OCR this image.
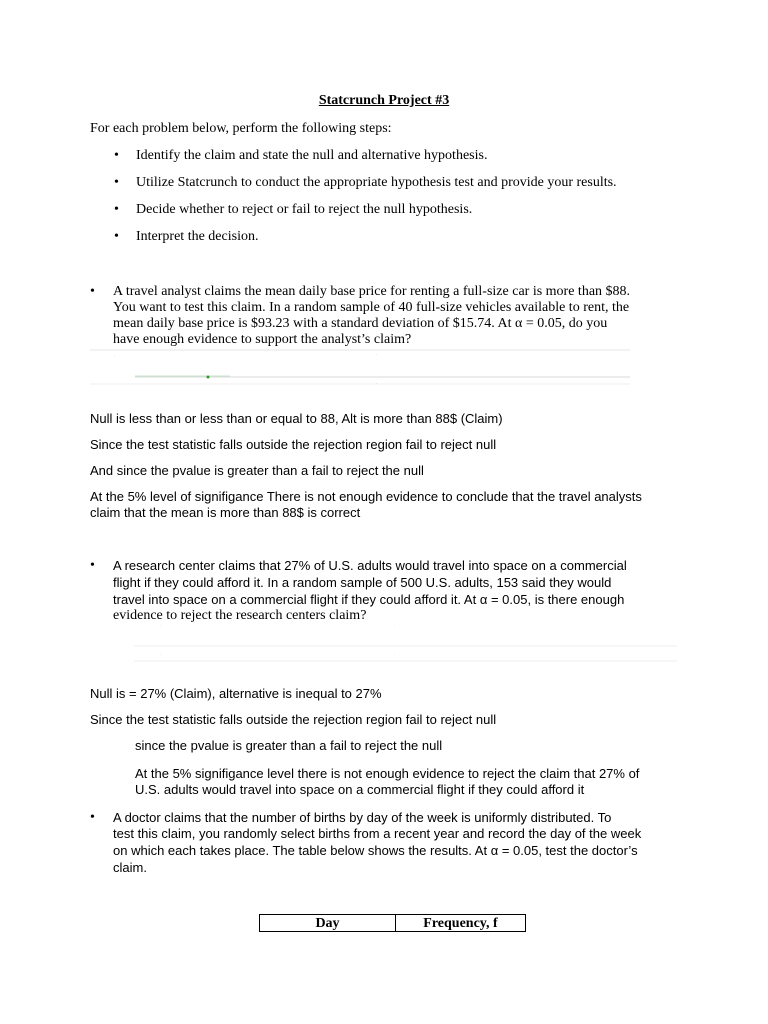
Statcrunch Project #3

For each problem below, perform the following steps:

•	Identify the claim and state the null and alternative hypothesis.

•	Utilize Statcrunch to conduct the appropriate hypothesis test and provide your results.

•	Decide whether to reject or fail to reject the null hypothesis.

•	Interpret the decision.

•	A travel analyst claims the mean daily base price for renting a full-size car is more than $88.

You want to test this claim. In a random sample of 40 full-size vehicles available to rent, the

mean daily base price is $93.23 with a standard deviation of $15.74. At α = 0.05, do you

have enough evidence to support the analyst’s claim?

·	·
·

Null is less than or less than or equal to 88, Alt is more than 88$ (Claim)

Since the test statistic falls outside the rejection region fail to reject null

And since the pvalue is greater than a fail to reject the null

At the 5% level of signifigance There is not enough evidence to conclude that the travel analysts

claim that the mean is more than 88$ is correct

•	A research center claims that 27% of U.S. adults would travel into space on a commercial

flight if they could afford it. In a random sample of 500 U.S. adults, 153 said they would

travel into space on a commercial flight if they could afford it. At α = 0.05, is there enough

evidence to reject the research centers claim?

·	·
·	·

Null is = 27% (Claim), alternative is inequal to 27%

Since the test statistic falls outside the rejection region fail to reject null

since the pvalue is greater than a fail to reject the null

At the 5% signifigance level there is not enough evidence to reject the claim that 27% of

U.S. adults would travel into space on a commercial flight if they could afford it

•	A doctor claims that the number of births by day of the week is uniformly distributed. To

test this claim, you randomly select births from a recent year and record the day of the week

on which each takes place. The table below shows the results. At α = 0.05, test the doctor’s

claim.

Day	Frequency, f
